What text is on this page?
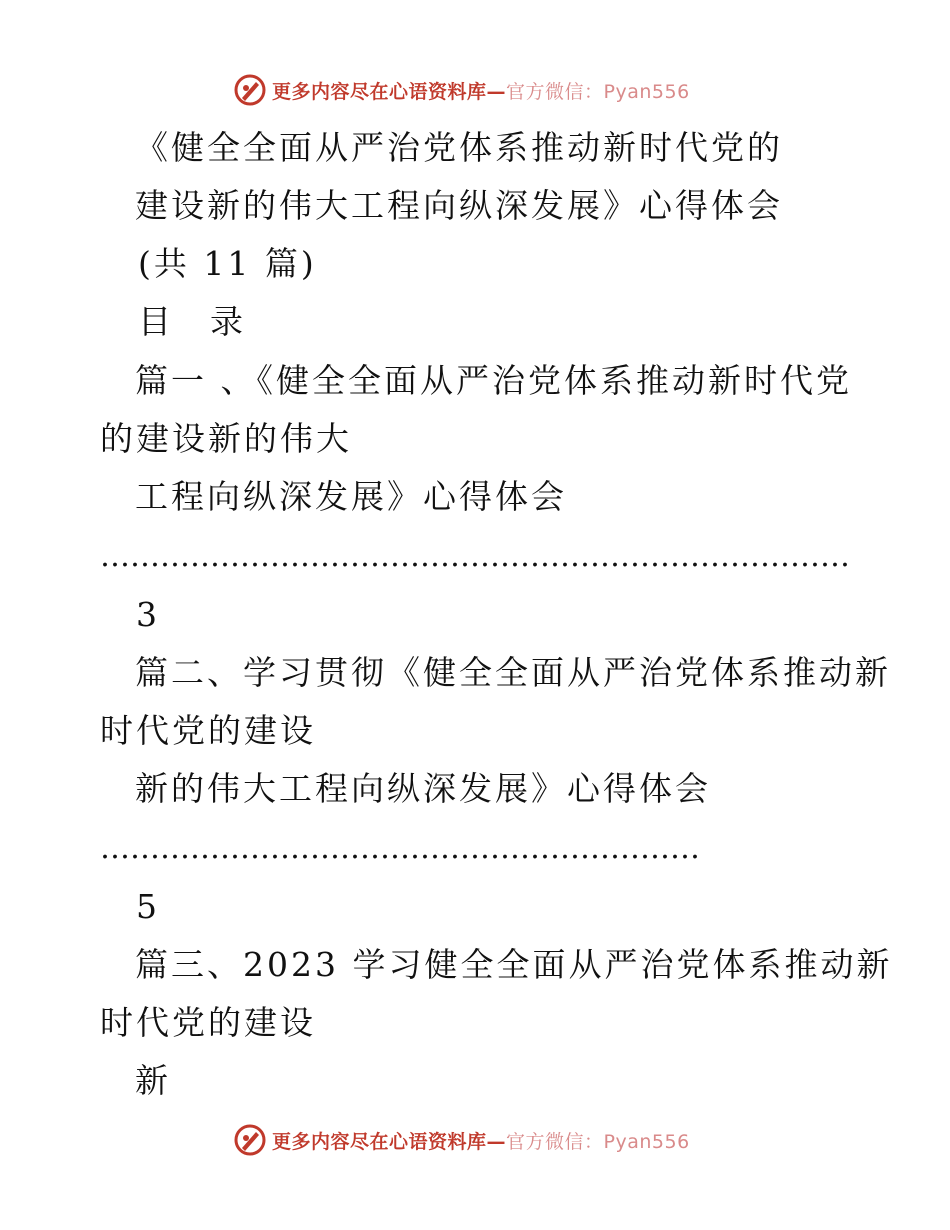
更多内容尽在心语资料库—官方微信：Pyan556
《健全全面从严治党体系推动新时代党的
建设新的伟大工程向纵深发展》心得体会
(共 11 篇)
目　录
篇一 、《健全全面从严治党体系推动新时代党
的建设新的伟大
工程向纵深发展》心得体会
…………………………………………………………………
3
篇二、学习贯彻《健全全面从严治党体系推动新
时代党的建设
新的伟大工程向纵深发展》心得体会
……………………………………………………
5
篇三、2023 学习健全全面从严治党体系推动新
时代党的建设
新
更多内容尽在心语资料库—官方微信：Pyan556
